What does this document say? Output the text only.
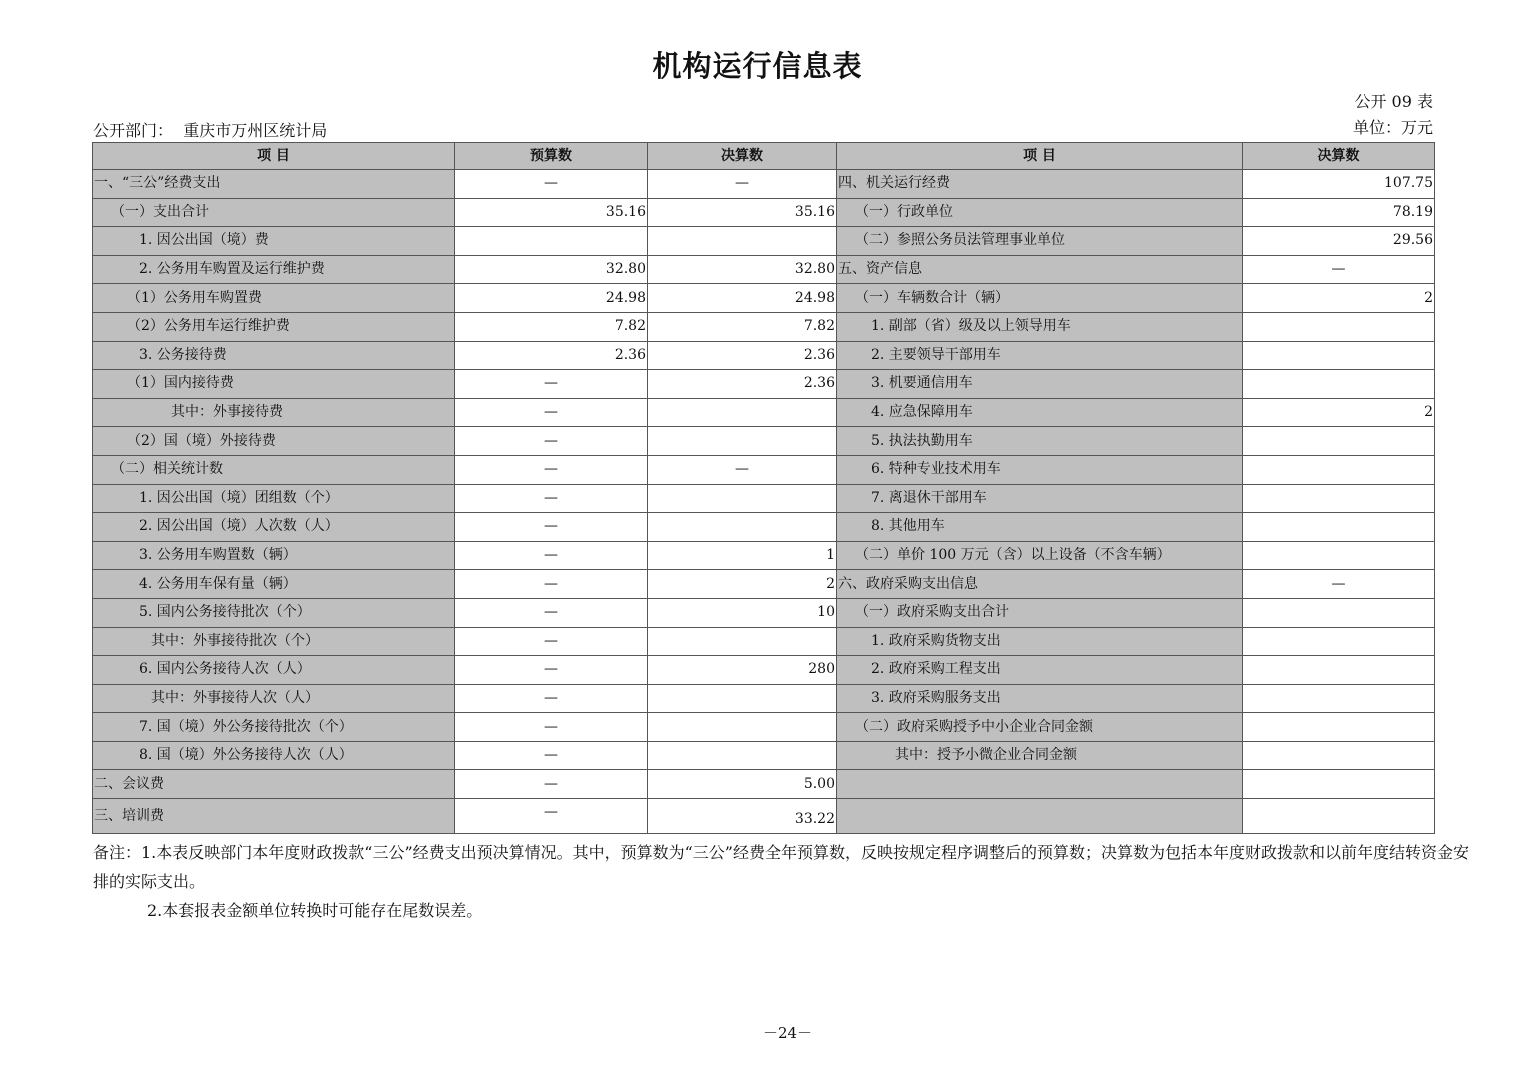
机构运行信息表
公开 09 表
公开部门： 重庆市万州区统计局	单位：万元
项 目	预算数	决算数	项 目	决算数
一、“三公”经费支出	—	—	四、机关运行经费	107.75
（一）支出合计	35.16	35.16	（一）行政单位	78.19
1. 因公出国（境）费			（二）参照公务员法管理事业单位	29.56
2. 公务用车购置及运行维护费	32.80	32.80	五、资产信息	—
（1）公务用车购置费	24.98	24.98	（一）车辆数合计（辆）	2
（2）公务用车运行维护费	7.82	7.82	1. 副部（省）级及以上领导用车	
3. 公务接待费	2.36	2.36	2. 主要领导干部用车	
（1）国内接待费	—	2.36	3. 机要通信用车	
其中：外事接待费	—		4. 应急保障用车	2
（2）国（境）外接待费	—		5. 执法执勤用车	
（二）相关统计数	—	—	6. 特种专业技术用车	
1. 因公出国（境）团组数（个）	—		7. 离退休干部用车	
2. 因公出国（境）人次数（人）	—		8. 其他用车	
3. 公务用车购置数（辆）	—	1	（二）单价 100 万元（含）以上设备（不含车辆）	
4. 公务用车保有量（辆）	—	2	六、政府采购支出信息	—
5. 国内公务接待批次（个）	—	10	（一）政府采购支出合计	
其中：外事接待批次（个）	—		1. 政府采购货物支出	
6. 国内公务接待人次（人）	—	280	2. 政府采购工程支出	
其中：外事接待人次（人）	—		3. 政府采购服务支出	
7. 国（境）外公务接待批次（个）	—		（二）政府采购授予中小企业合同金额	
8. 国（境）外公务接待人次（人）	—		其中：授予小微企业合同金额	
二、会议费	—	5.00		
三、培训费	—	33.22		

备注：1.本表反映部门本年度财政拨款“三公”经费支出预决算情况。其中，预算数为“三公”经费全年预算数，反映按规定程序调整后的预算数；决算数为包括本年度财政拨款和以前年度结转资金安排的实际支出。

2.本套报表金额单位转换时可能存在尾数误差。

－24－
